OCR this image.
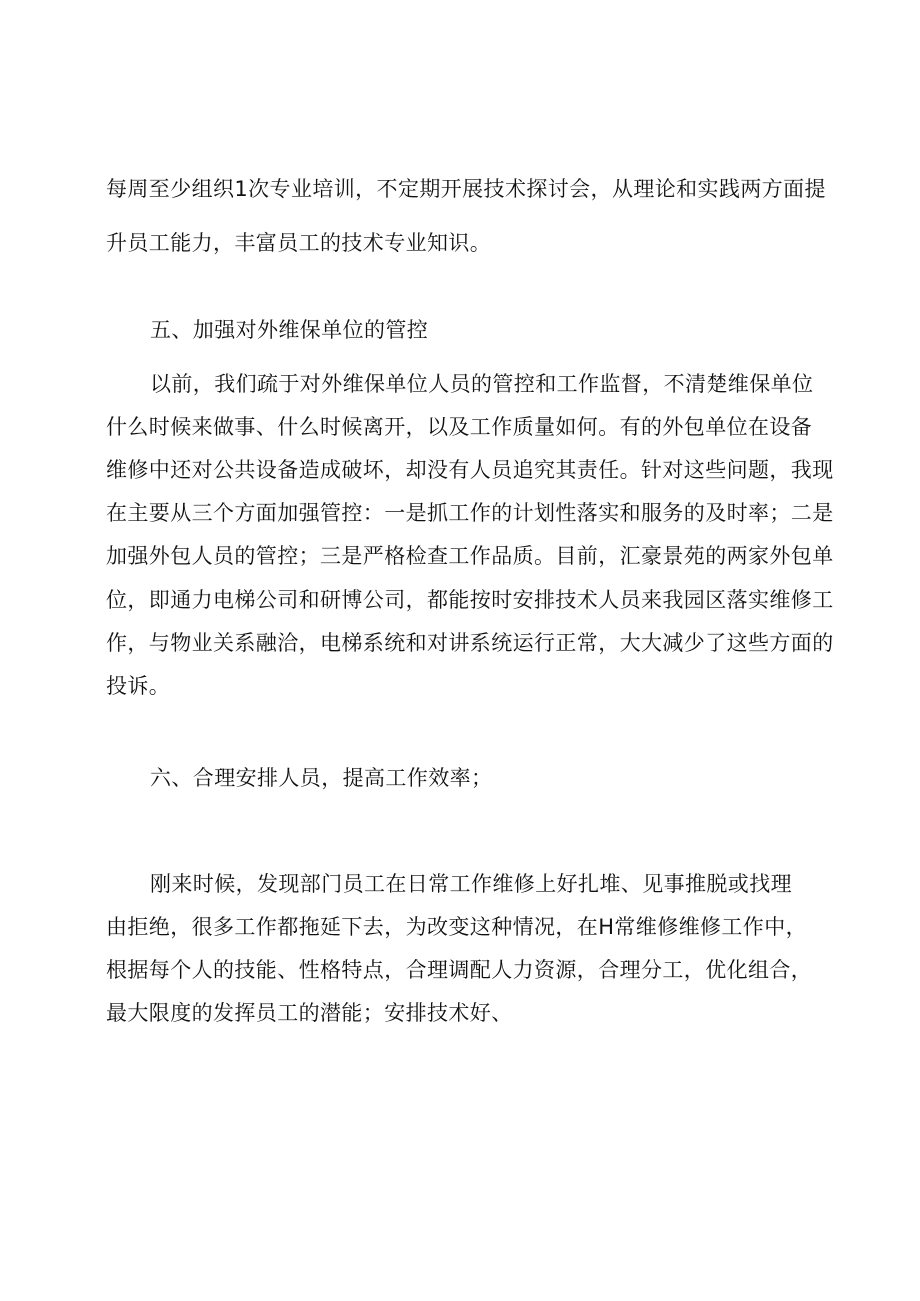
每周至少组织1次专业培训，不定期开展技术探讨会，从理论和实践两方面提
升员工能力，丰富员工的技术专业知识。
五、加强对外维保单位的管控
以前，我们疏于对外维保单位人员的管控和工作监督，不清楚维保单位
什么时候来做事、什么时候离开，以及工作质量如何。有的外包单位在设备
维修中还对公共设备造成破坏，却没有人员追究其责任。针对这些问题，我现
在主要从三个方面加强管控：一是抓工作的计划性落实和服务的及时率；二是
加强外包人员的管控；三是严格检查工作品质。目前，汇豪景苑的两家外包单
位，即通力电梯公司和研博公司，都能按时安排技术人员来我园区落实维修工
作，与物业关系融洽，电梯系统和对讲系统运行正常，大大减少了这些方面的
投诉。
六、合理安排人员，提高工作效率；
刚来时候，发现部门员工在日常工作维修上好扎堆、见事推脱或找理
由拒绝，很多工作都拖延下去，为改变这种情况，在H常维修维修工作中，
根据每个人的技能、性格特点，合理调配人力资源，合理分工，优化组合，
最大限度的发挥员工的潜能；安排技术好、
